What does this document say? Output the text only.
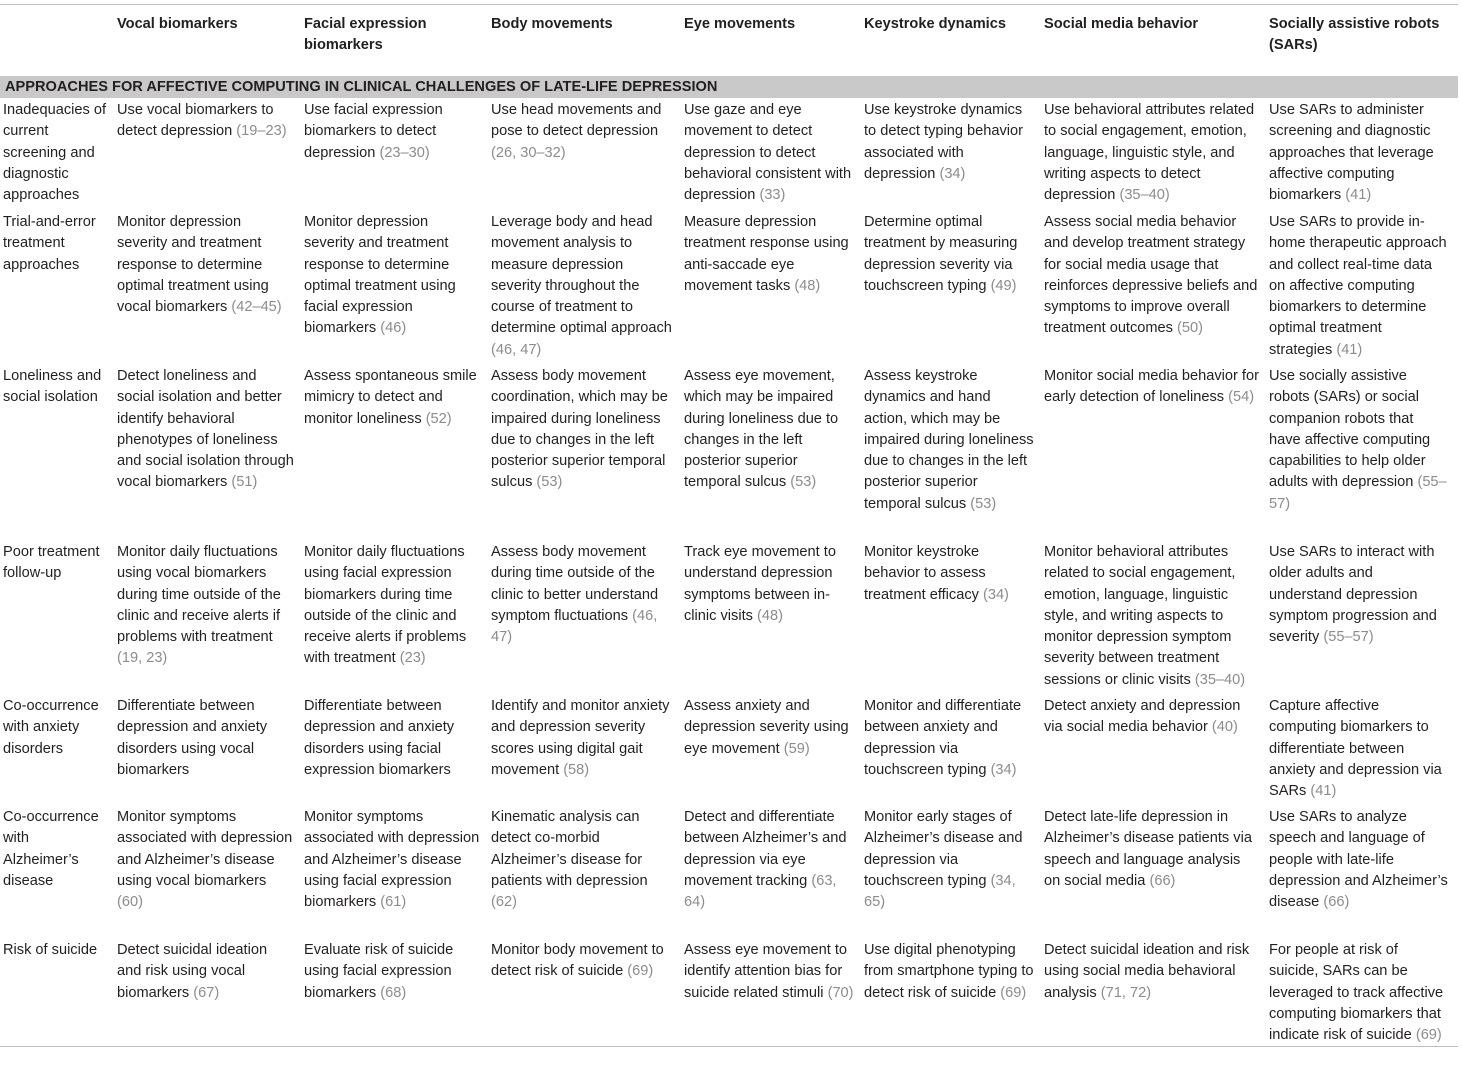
	Vocal biomarkers	Facial expression biomarkers	Body movements	Eye movements	Keystroke dynamics	Social media behavior	Socially assistive robots (SARs)
APPROACHES FOR AFFECTIVE COMPUTING IN CLINICAL CHALLENGES OF LATE-LIFE DEPRESSION							

Inadequacies of current screening and diagnostic approaches	Use vocal biomarkers to detect depression (19–23)	Use facial expression biomarkers to detect depression (23–30)	Use head movements and pose to detect depression (26, 30–32)	Use gaze and eye movement to detect depression to detect behavioral consistent with depression (33)	Use keystroke dynamics to detect typing behavior associated with depression (34)	Use behavioral attributes related to social engagement, emotion, language, linguistic style, and writing aspects to detect depression (35–40)	Use SARs to administer screening and diagnostic approaches that leverage affective computing biomarkers (41)
Trial-and-error treatment approaches	Monitor depression severity and treatment response to determine optimal treatment using vocal biomarkers (42–45)	Monitor depression severity and treatment response to determine optimal treatment using facial expression biomarkers (46)	Leverage body and head movement analysis to measure depression severity throughout the course of treatment to determine optimal approach (46, 47)	Measure depression treatment response using anti-saccade eye movement tasks (48)	Determine optimal treatment by measuring depression severity via touchscreen typing (49)	Assess social media behavior and develop treatment strategy for social media usage that reinforces depressive beliefs and symptoms to improve overall treatment outcomes (50)	Use SARs to provide in-home therapeutic approach and collect real-time data on affective computing biomarkers to determine optimal treatment strategies (41)
Loneliness and social isolation	Detect loneliness and social isolation and better identify behavioral phenotypes of loneliness and social isolation through vocal biomarkers (51)	Assess spontaneous smile mimicry to detect and monitor loneliness (52)	Assess body movement coordination, which may be impaired during loneliness due to changes in the left posterior superior temporal sulcus (53)	Assess eye movement, which may be impaired during loneliness due to changes in the left posterior superior temporal sulcus (53)	Assess keystroke dynamics and hand action, which may be impaired during loneliness due to changes in the left posterior superior temporal sulcus (53)	Monitor social media behavior for early detection of loneliness (54)	Use socially assistive robots (SARs) or social companion robots that have affective computing capabilities to help older adults with depression (55–57)
Poor treatment follow-up	Monitor daily fluctuations using vocal biomarkers during time outside of the clinic and receive alerts if problems with treatment (19, 23)	Monitor daily fluctuations using facial expression biomarkers during time outside of the clinic and receive alerts if problems with treatment (23)	Assess body movement during time outside of the clinic to better understand symptom fluctuations (46, 47)	Track eye movement to understand depression symptoms between in-clinic visits (48)	Monitor keystroke behavior to assess treatment efficacy (34)	Monitor behavioral attributes related to social engagement, emotion, language, linguistic style, and writing aspects to monitor depression symptom severity between treatment sessions or clinic visits (35–40)	Use SARs to interact with older adults and understand depression symptom progression and severity (55–57)
Co-occurrence with anxiety disorders	Differentiate between depression and anxiety disorders using vocal biomarkers	Differentiate between depression and anxiety disorders using facial expression biomarkers	Identify and monitor anxiety and depression severity scores using digital gait movement (58)	Assess anxiety and depression severity using eye movement (59)	Monitor and differentiate between anxiety and depression via touchscreen typing (34)	Detect anxiety and depression via social media behavior (40)	Capture affective computing biomarkers to differentiate between anxiety and depression via SARs (41)
Co-occurrence with Alzheimer’s disease	Monitor symptoms associated with depression and Alzheimer’s disease using vocal biomarkers (60)	Monitor symptoms associated with depression and Alzheimer’s disease using facial expression biomarkers (61)	Kinematic analysis can detect co-morbid Alzheimer’s disease for patients with depression (62)	Detect and differentiate between Alzheimer’s and depression via eye movement tracking (63, 64)	Monitor early stages of Alzheimer’s disease and depression via touchscreen typing (34, 65)	Detect late-life depression in Alzheimer’s disease patients via speech and language analysis on social media (66)	Use SARs to analyze speech and language of people with late-life depression and Alzheimer’s disease (66)
Risk of suicide	Detect suicidal ideation and risk using vocal biomarkers (67)	Evaluate risk of suicide using facial expression biomarkers (68)	Monitor body movement to detect risk of suicide (69)	Assess eye movement to identify attention bias for suicide related stimuli (70)	Use digital phenotyping from smartphone typing to detect risk of suicide (69)	Detect suicidal ideation and risk using social media behavioral analysis (71, 72)	For people at risk of suicide, SARs can be leveraged to track affective computing biomarkers that indicate risk of suicide (69)
